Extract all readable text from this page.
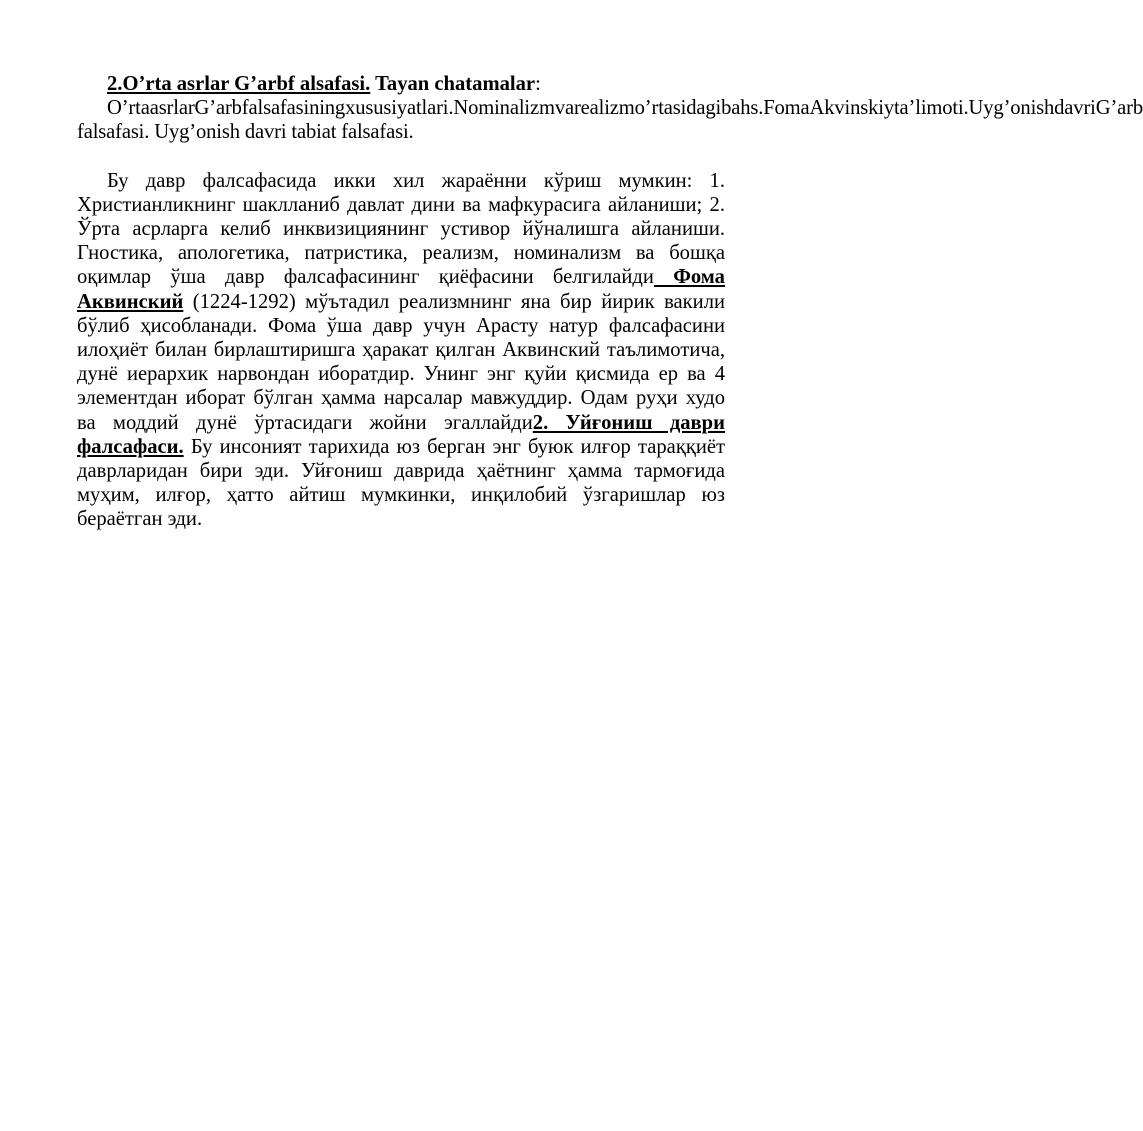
2.O’rta asrlar G’arbf alsafasi. Tayan chatamalar:

O’rtaasrlarG’arbfalsafasiningxususiyatlari.Nominalizmvarealizmo’rtasidagibahs.FomaAkvinskiyta’limoti.Uyg’onishdavriG’arb falsafasi. Uyg’onish davri tabiat falsafasi.

Бу давр фалсафасида икки хил жараённи кўриш мумкин: 1. Христианликнинг шаклланиб давлат дини ва мафкурасига айланиши; 2. Ўрта асрларга келиб инквизициянинг устивор йўналишга айланиши. Гностика, апологетика, патристика, реализм, номинализм ва бошқа оқимлар ўша давр фалсафасининг қиёфасини белгилайди Фома Аквинский (1224-1292) мўътадил реализмнинг яна бир йирик вакили бўлиб ҳисобланади. Фома ўша давр учун Арасту натур фалсафасини илоҳиёт билан бирлаштиришга ҳаракат қилган Аквинский таълимотича, дунё иерархик нарвондан иборатдир. Унинг энг қуйи қисмида ер ва 4 элементдан иборат бўлган ҳамма нарсалар мавжуддир. Одам руҳи худо ва моддий дунё ўртасидаги жойни эгаллайди2. Уйғониш даври фалсафаси. Бу инсоният тарихида юз берган энг буюк илғор тараққиёт даврларидан бири эди. Уйғониш даврида ҳаётнинг ҳамма тармоғида муҳим, илғор, ҳатто айтиш мумкинки, инқилобий ўзгаришлар юз бераётган эди.
